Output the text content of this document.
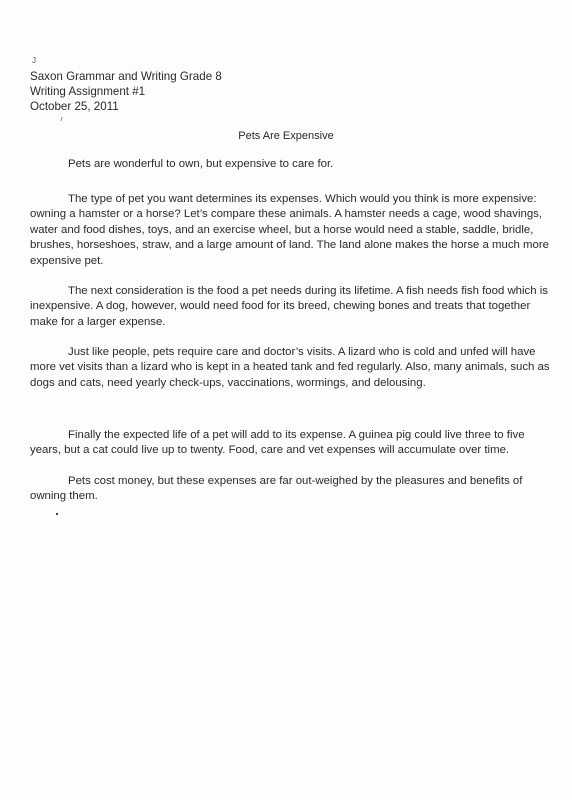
J

Saxon Grammar and Writing Grade 8
Writing Assignment #1
October 25, 2011
Pets Are Expensive

Pets are wonderful to own, but expensive to care for.

The type of pet you want determines its expenses. Which would you think is more expensive: owning a hamster or a horse? Let’s compare these animals. A hamster needs a cage, wood shavings, water and food dishes, toys, and an exercise wheel, but a horse would need a stable, saddle, bridle, brushes, horseshoes, straw, and a large amount of land. The land alone makes the horse a much more expensive pet.

The next consideration is the food a pet needs during its lifetime. A fish needs fish food which is inexpensive. A dog, however, would need food for its breed, chewing bones and treats that together make for a larger expense.

Just like people, pets require care and doctor’s visits. A lizard who is cold and unfed will have more vet visits than a lizard who is kept in a heated tank and fed regularly. Also, many animals, such as dogs and cats, need yearly check-ups, vaccinations, wormings, and delousing.

Finally the expected life of a pet will add to its expense. A guinea pig could live three to five years, but a cat could live up to twenty. Food, care and vet expenses will accumulate over time.

Pets cost money, but these expenses are far out-weighed by the pleasures and benefits of owning them.
